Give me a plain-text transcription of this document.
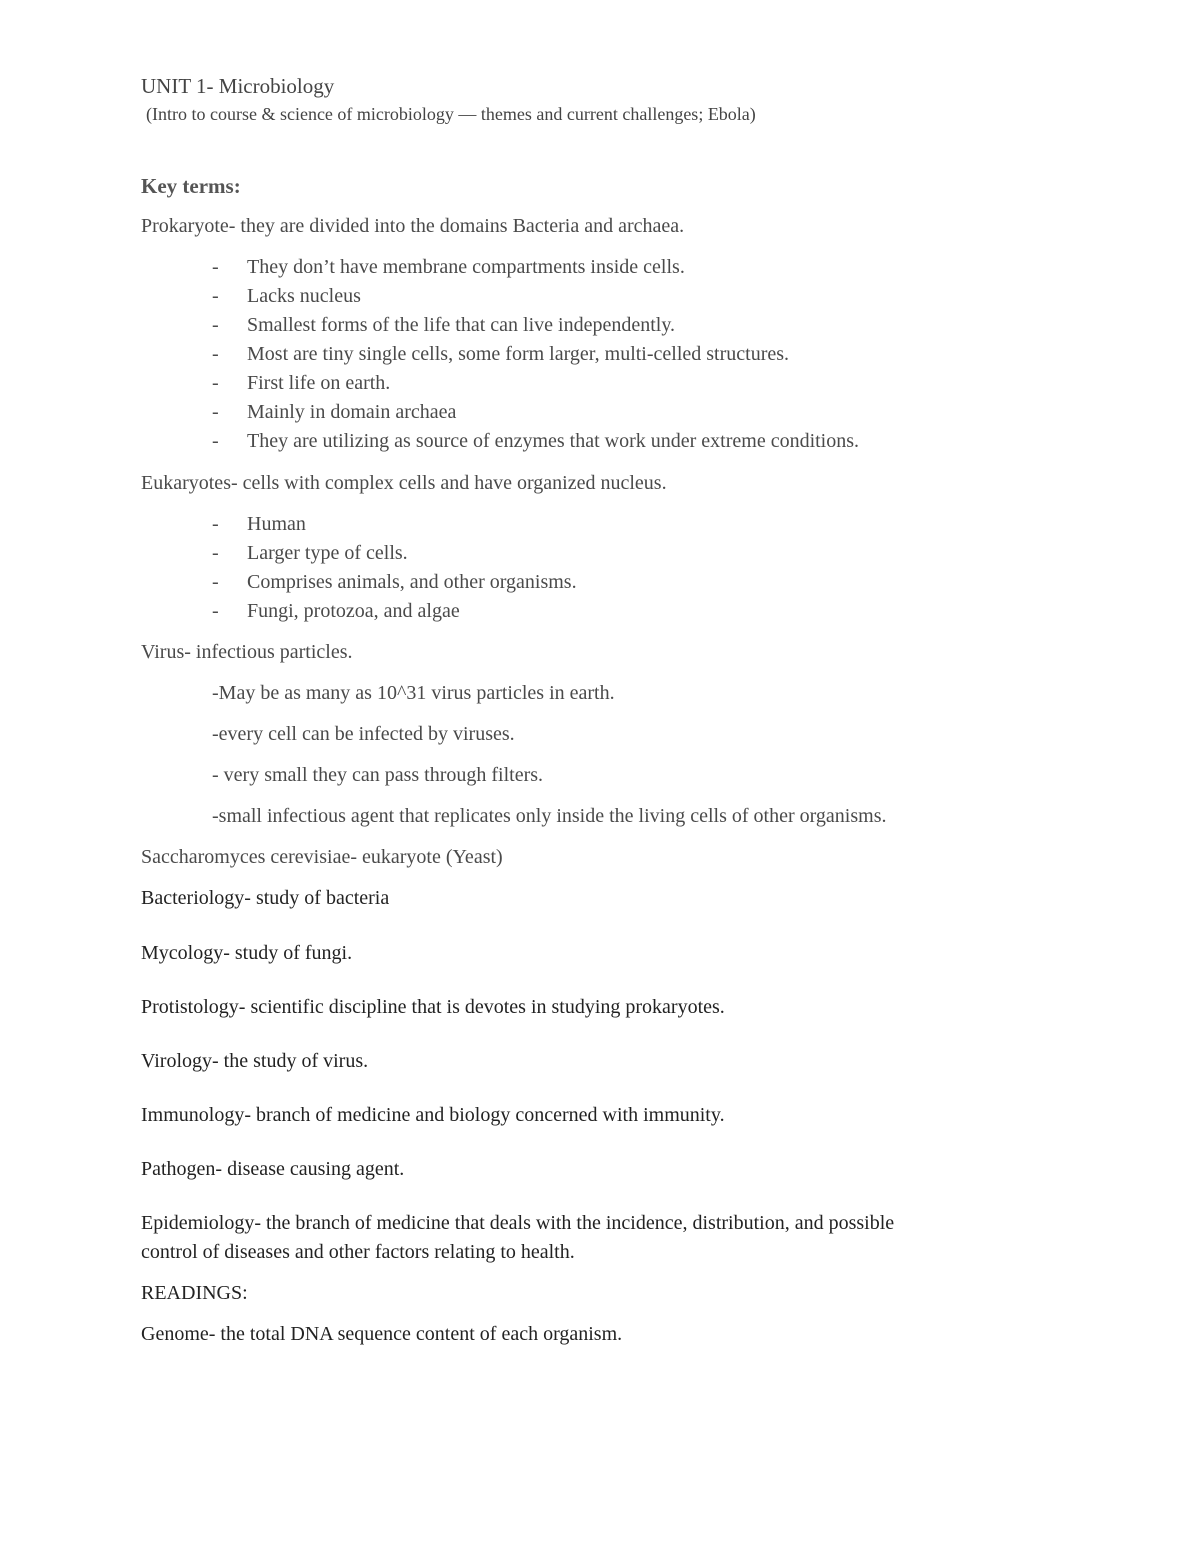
UNIT 1- Microbiology
(Intro to course & science of microbiology — themes and current challenges; Ebola)
Key terms:
Prokaryote- they are divided into the domains Bacteria and archaea.
- They don’t have membrane compartments inside cells.
- Lacks nucleus
- Smallest forms of the life that can live independently.
- Most are tiny single cells, some form larger, multi-celled structures.
- First life on earth.
- Mainly in domain archaea
- They are utilizing as source of enzymes that work under extreme conditions.
Eukaryotes- cells with complex cells and have organized nucleus.
- Human
- Larger type of cells.
- Comprises animals, and other organisms.
- Fungi, protozoa, and algae
Virus- infectious particles.
-May be as many as 10^31 virus particles in earth.
-every cell can be infected by viruses.
- very small they can pass through filters.
-small infectious agent that replicates only inside the living cells of other organisms.
Saccharomyces cerevisiae- eukaryote (Yeast)
Bacteriology- study of bacteria
Mycology- study of fungi.
Protistology- scientific discipline that is devotes in studying prokaryotes.
Virology- the study of virus.
Immunology- branch of medicine and biology concerned with immunity.
Pathogen- disease causing agent.
Epidemiology- the branch of medicine that deals with the incidence, distribution, and possible
control of diseases and other factors relating to health.
READINGS:
Genome- the total DNA sequence content of each organism.
